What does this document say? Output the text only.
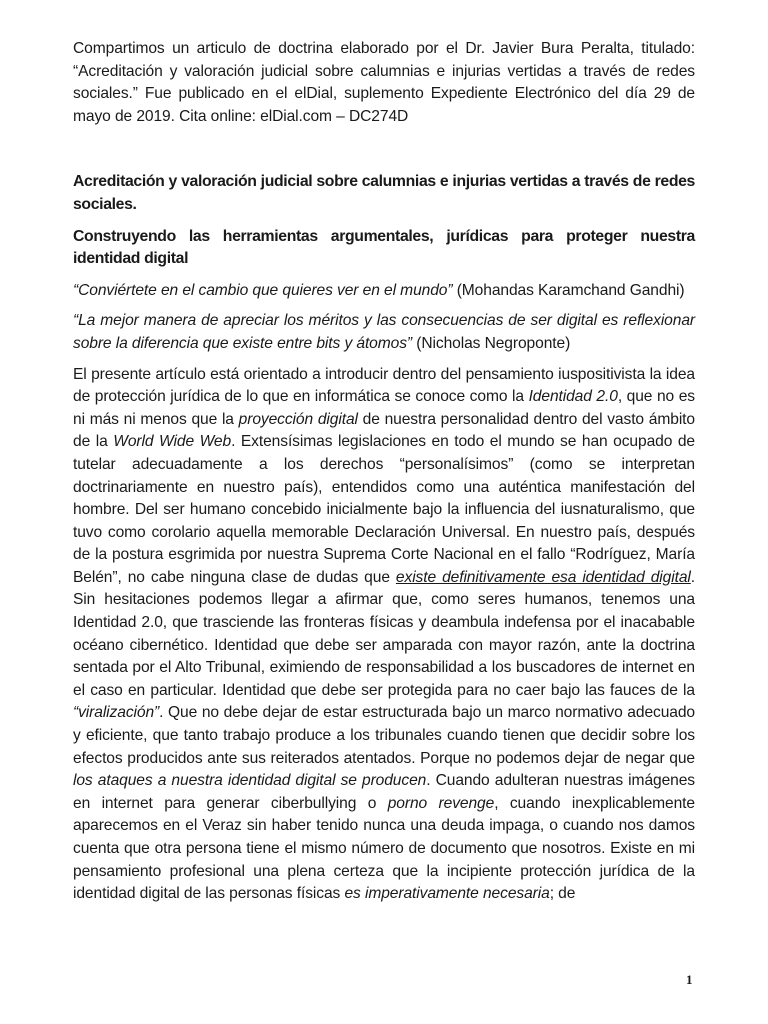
Compartimos un articulo de doctrina elaborado por el Dr. Javier Bura Peralta, titulado: “Acreditación y valoración judicial sobre calumnias e injurias vertidas a través de redes sociales.” Fue publicado en el elDial, suplemento Expediente Electrónico del día 29 de mayo de 2019. Cita online: elDial.com – DC274D

Acreditación y valoración judicial sobre calumnias e injurias vertidas a través de redes sociales.

Construyendo las herramientas argumentales, jurídicas para proteger nuestra identidad digital

“Conviértete en el cambio que quieres ver en el mundo” (Mohandas Karamchand Gandhi)

“La mejor manera de apreciar los méritos y las consecuencias de ser digital es reflexionar sobre la diferencia que existe entre bits y átomos” (Nicholas Negroponte)

El presente artículo está orientado a introducir dentro del pensamiento iuspositivista la idea de protección jurídica de lo que en informática se conoce como la Identidad 2.0, que no es ni más ni menos que la proyección digital de nuestra personalidad dentro del vasto ámbito de la World Wide Web. Extensísimas legislaciones en todo el mundo se han ocupado de tutelar adecuadamente a los derechos “personalísimos” (como se interpretan doctrinariamente en nuestro país), entendidos como una auténtica manifestación del hombre. Del ser humano concebido inicialmente bajo la influencia del iusnaturalismo, que tuvo como corolario aquella memorable Declaración Universal. En nuestro país, después de la postura esgrimida por nuestra Suprema Corte Nacional en el fallo “Rodríguez, María Belén”, no cabe ninguna clase de dudas que existe definitivamente esa identidad digital. Sin hesitaciones podemos llegar a afirmar que, como seres humanos, tenemos una Identidad 2.0, que trasciende las fronteras físicas y deambula indefensa por el inacabable océano cibernético. Identidad que debe ser amparada con mayor razón, ante la doctrina sentada por el Alto Tribunal, eximiendo de responsabilidad a los buscadores de internet en el caso en particular. Identidad que debe ser protegida para no caer bajo las fauces de la “viralización”. Que no debe dejar de estar estructurada bajo un marco normativo adecuado y eficiente, que tanto trabajo produce a los tribunales cuando tienen que decidir sobre los efectos producidos ante sus reiterados atentados. Porque no podemos dejar de negar que los ataques a nuestra identidad digital se producen. Cuando adulteran nuestras imágenes en internet para generar ciberbullying o porno revenge, cuando inexplicablemente aparecemos en el Veraz sin haber tenido nunca una deuda impaga, o cuando nos damos cuenta que otra persona tiene el mismo número de documento que nosotros. Existe en mi pensamiento profesional una plena certeza que la incipiente protección jurídica de la identidad digital de las personas físicas es imperativamente necesaria; de

1
